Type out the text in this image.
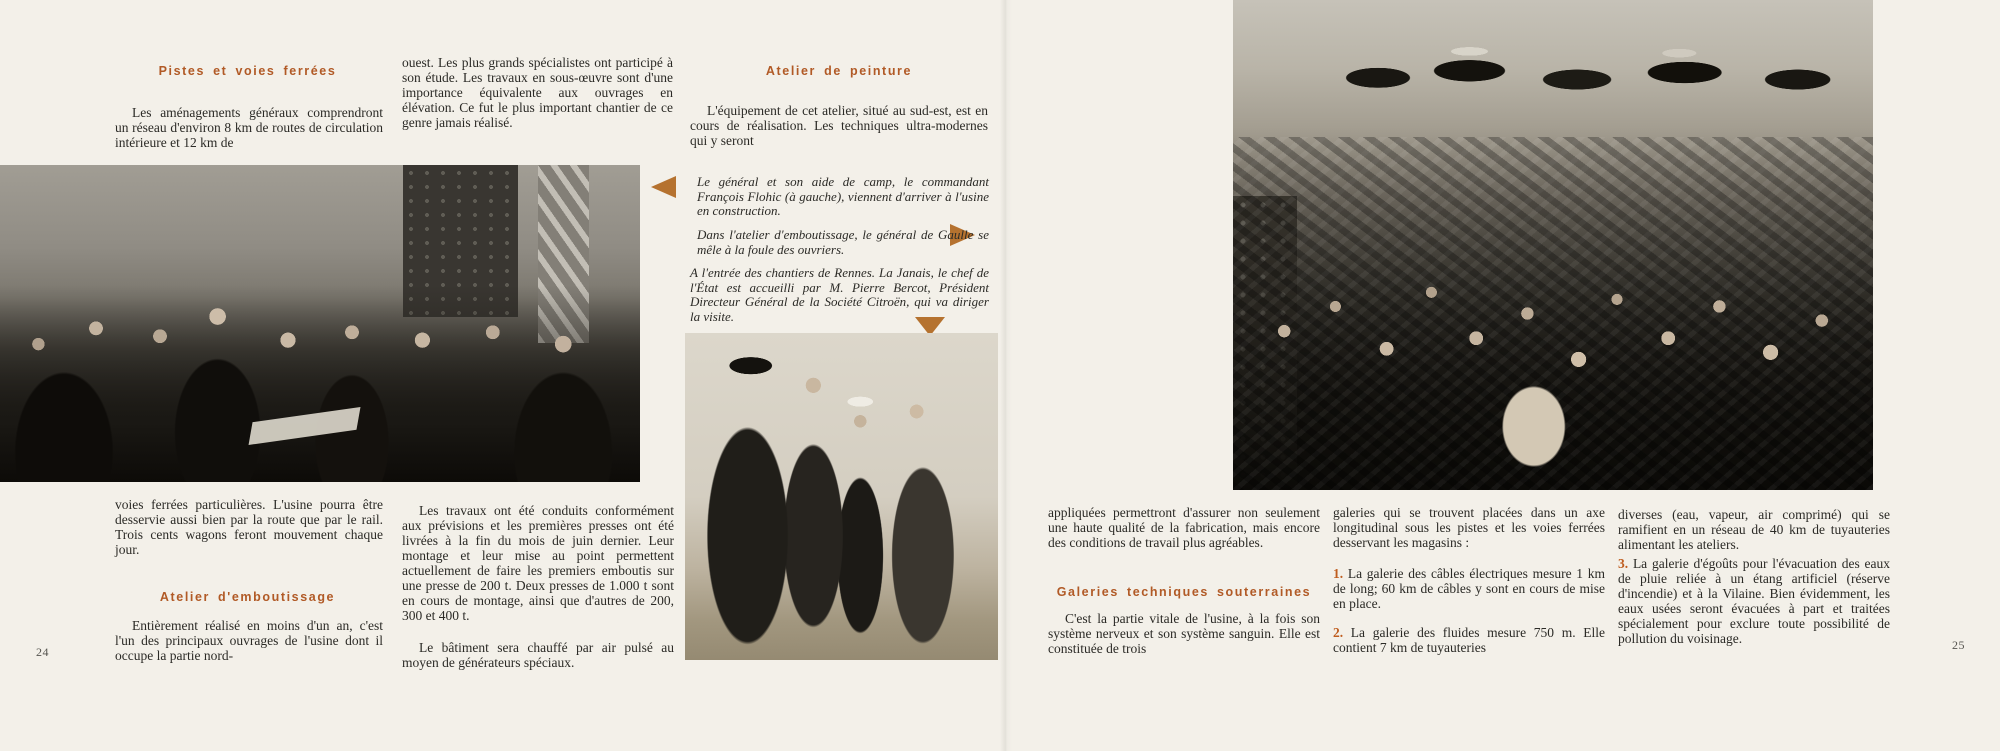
Pistes et voies ferrées

Les aménagements généraux comprendront un réseau d'environ 8 km de routes de circulation intérieure et 12 km de

ouest. Les plus grands spécialistes ont participé à son étude. Les travaux en sous-œuvre sont d'une importance équivalente aux ouvrages en élévation. Ce fut le plus important chantier de ce genre jamais réalisé.

Atelier de peinture

L'équipement de cet atelier, situé au sud-est, est en cours de réalisation. Les techniques ultra-modernes qui y seront

Le général et son aide de camp, le commandant François Flohic (à gauche), viennent d'arriver à l'usine en construction.

Dans l'atelier d'emboutissage, le général de Gaulle se mêle à la foule des ouvriers.

A l'entrée des chantiers de Rennes. La Janais, le chef de l'État est accueilli par M. Pierre Bercot, Président Directeur Général de la Société Citroën, qui va diriger la visite.

voies ferrées particulières. L'usine pourra être desservie aussi bien par la route que par le rail. Trois cents wagons feront mouvement chaque jour.

Atelier d'emboutissage

Entièrement réalisé en moins d'un an, c'est l'un des principaux ouvrages de l'usine dont il occupe la partie nord-

Les travaux ont été conduits conformément aux prévisions et les premières presses ont été livrées à la fin du mois de juin dernier. Leur montage et leur mise au point permettent actuellement de faire les premiers emboutis sur une presse de 200 t. Deux presses de 1.000 t sont en cours de montage, ainsi que d'autres de 200, 300 et 400 t.

Le bâtiment sera chauffé par air pulsé au moyen de générateurs spéciaux.

24

appliquées permettront d'assurer non seulement une haute qualité de la fabrication, mais encore des conditions de travail plus agréables.

Galeries techniques souterraines

C'est la partie vitale de l'usine, à la fois son système nerveux et son système sanguin. Elle est constituée de trois

galeries qui se trouvent placées dans un axe longitudinal sous les pistes et les voies ferrées desservant les magasins :

1. La galerie des câbles électriques mesure 1 km de long; 60 km de câbles y sont en cours de mise en place.

2. La galerie des fluides mesure 750 m. Elle contient 7 km de tuyauteries

diverses (eau, vapeur, air comprimé) qui se ramifient en un réseau de 40 km de tuyauteries alimentant les ateliers.

3. La galerie d'égoûts pour l'évacuation des eaux de pluie reliée à un étang artificiel (réserve d'incendie) et à la Vilaine. Bien évidemment, les eaux usées seront évacuées à part et traitées spécialement pour exclure toute possibilité de pollution du voisinage.	25
